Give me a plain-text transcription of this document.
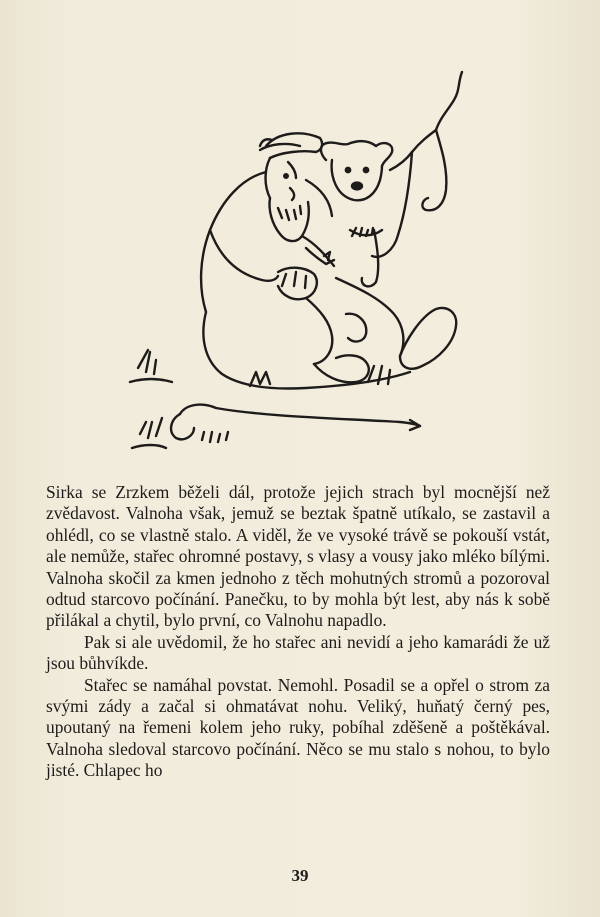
Sirka se Zrzkem běželi dál, protože jejich strach byl mocnější než zvědavost. Valnoha však, jemuž se beztak špatně utíkalo, se zastavil a ohlédl, co se vlastně stalo. A viděl, že ve vysoké trávě se pokouší vstát, ale nemůže, stařec ohromné postavy, s vlasy a vousy jako mléko bílými. Valnoha skočil za kmen jednoho z těch mohutných stromů a pozoroval odtud starcovo počínání. Panečku, to by mohla být lest, aby nás k sobě přilákal a chytil, bylo první, co Valnohu napadlo.

Pak si ale uvědomil, že ho stařec ani nevidí a jeho kamarádi že už jsou bůhvíkde.

Stařec se namáhal povstat. Nemohl. Posadil se a opřel o strom za svými zády a začal si ohmatávat nohu. Veliký, huňatý černý pes, upoutaný na řemeni kolem jeho ruky, pobíhal zděšeně a poštěkával. Valnoha sledoval starcovo počínání. Něco se mu stalo s nohou, to bylo jisté. Chlapec ho

39
